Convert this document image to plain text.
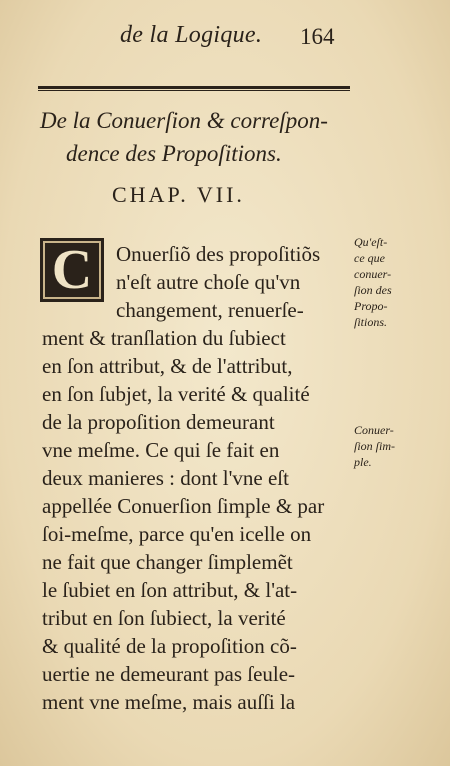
de la Logique. 164
De la Conuerſion & correſpon-
dence des Propoſitions.
CHAP. VII.
C	Onuerſiõ des propoſitiõs
n'eſt autre choſe qu'vn
changement, renuerſe-
ment & tranſlation du ſubiect
en ſon attribut, & de l'attribut,
en ſon ſubjet, la verité & qualité
de la propoſition demeurant
vne meſme. Ce qui ſe fait en
deux manieres : dont l'vne eſt
appellée Conuerſion ſimple & par
ſoi-meſme, parce qu'en icelle on
ne fait que changer ſimplemẽt
le ſubiet en ſon attribut, & l'at-
tribut en ſon ſubiect, la verité
& qualité de la propoſition cõ-
uertie ne demeurant pas ſeule-
ment vne meſme, mais auſſi la
Qu'eſt-
ce que
conuer-
ſion des
Propo-
ſitions.
Conuer-
ſion ſim-
ple.
